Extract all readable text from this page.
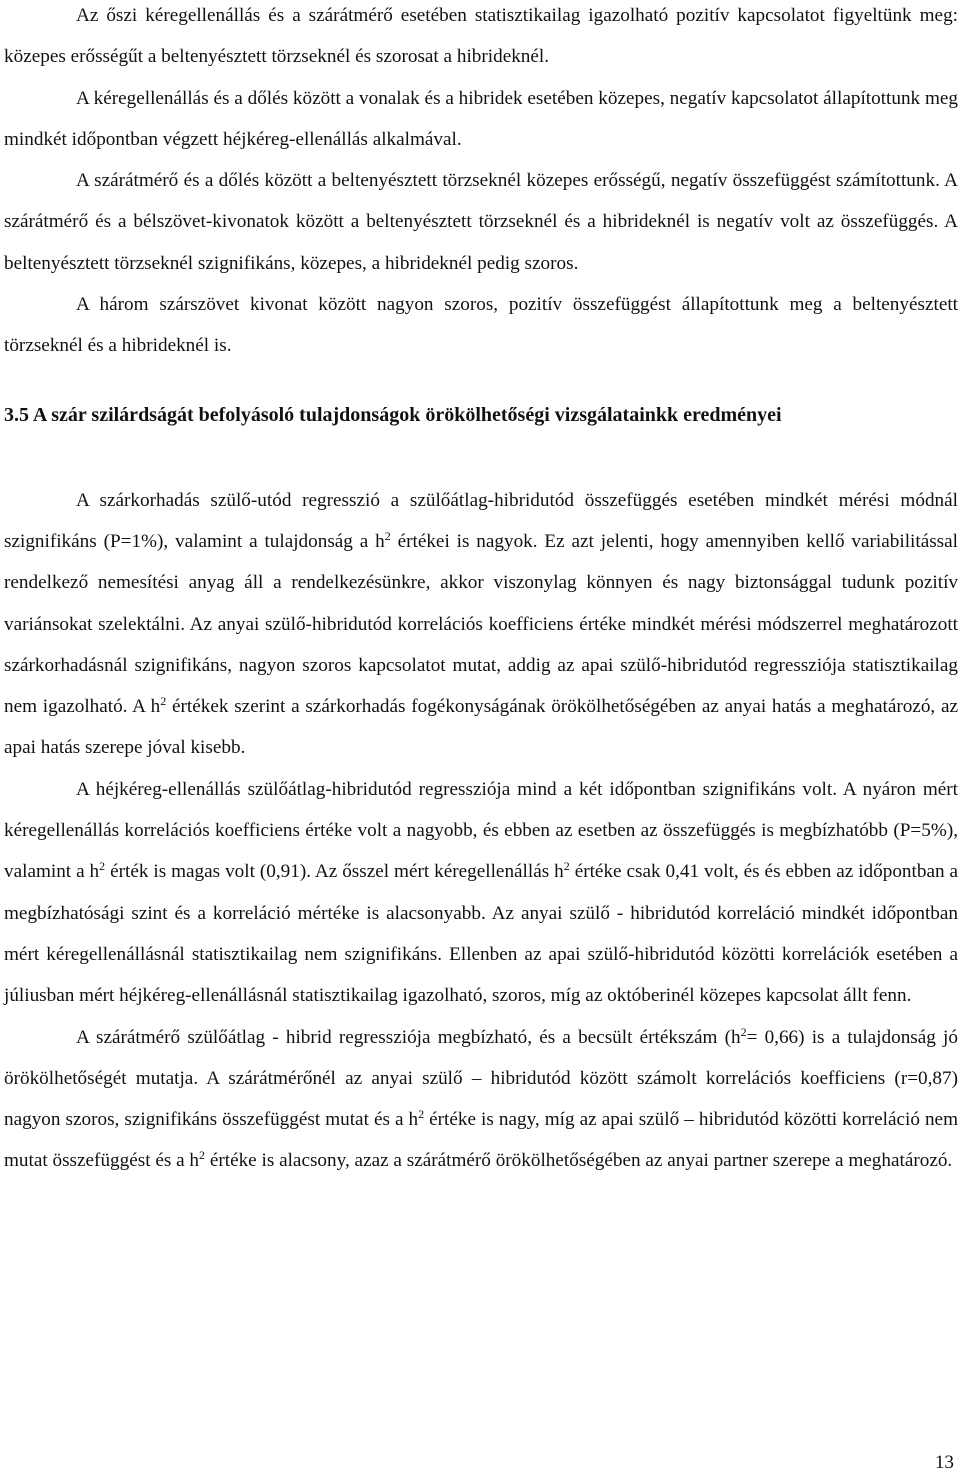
Az őszi kéregellenállás és a szárátmérő esetében statisztikailag igazolható pozitív kapcsolatot figyeltünk meg: közepes erősségűt a beltenyésztett törzseknél és szorosat a hibrideknél.

A kéregellenállás és a dőlés között a vonalak és a hibridek esetében közepes, negatív kapcsolatot állapítottunk meg mindkét időpontban végzett héjkéreg-ellenállás alkalmával.

A szárátmérő és a dőlés között a beltenyésztett törzseknél közepes erősségű, negatív összefüggést számítottunk. A szárátmérő és a bélszövet-kivonatok között a beltenyésztett törzseknél és a hibrideknél is negatív volt az összefüggés. A beltenyésztett törzseknél szignifikáns, közepes, a hibrideknél pedig szoros.

A három szárszövet kivonat között nagyon szoros, pozitív összefüggést állapítottunk meg a beltenyésztett törzseknél és a hibrideknél is.

3.5 A szár szilárdságát befolyásoló tulajdonságok örökölhetőségi vizsgálatainkk eredményei

A szárkorhadás szülő-utód regresszió a szülőátlag-hibridutód összefüggés esetében mindkét mérési módnál szignifikáns (P=1%), valamint a tulajdonság a $h^2$ értékei is nagyok. Ez azt jelenti, hogy amennyiben kellő variabilitással rendelkező nemesítési anyag áll a rendelkezésünkre, akkor viszonylag könnyen és nagy biztonsággal tudunk pozitív variánsokat szelektálni. Az anyai szülő-hibridutód korrelációs koefficiens értéke mindkét mérési módszerrel meghatározott szárkorhadásnál szignifikáns, nagyon szoros kapcsolatot mutat, addig az apai szülő-hibridutód regressziója statisztikailag nem igazolható. A $h^2$ értékek szerint a szárkorhadás fogékonyságának örökölhetőségében az anyai hatás a meghatározó, az apai hatás szerepe jóval kisebb.

A héjkéreg-ellenállás szülőátlag-hibridutód regressziója mind a két időpontban szignifikáns volt. A nyáron mért kéregellenállás korrelációs koefficiens értéke volt a nagyobb, és ebben az esetben az összefüggés is megbízhatóbb (P=5%), valamint a $h^2$ érték is magas volt (0,91). Az ősszel mért kéregellenállás $h^2$ értéke csak 0,41 volt, és és ebben az időpontban a megbízhatósági szint és a korreláció mértéke is alacsonyabb. Az anyai szülő - hibridutód korreláció mindkét időpontban mért kéregellenállásnál statisztikailag nem szignifikáns. Ellenben az apai szülő-hibridutód közötti korrelációk esetében a júliusban mért héjkéreg-ellenállásnál statisztikailag igazolható, szoros, míg az októberinél közepes kapcsolat állt fenn.

A szárátmérő szülőátlag - hibrid regressziója megbízható, és a becsült értékszám $(h^2= 0,66)$ is a tulajdonság jó örökölhetőségét mutatja. A szárátmérőnél az anyai szülő – hibridutód között számolt korrelációs koefficiens (r=0,87) nagyon szoros, szignifikáns összefüggést mutat és a $h^2$ értéke is nagy, míg az apai szülő – hibridutód közötti korreláció nem mutat összefüggést és a $h^2$ értéke is alacsony, azaz a szárátmérő örökölhetőségében az anyai partner szerepe a meghatározó.

13
